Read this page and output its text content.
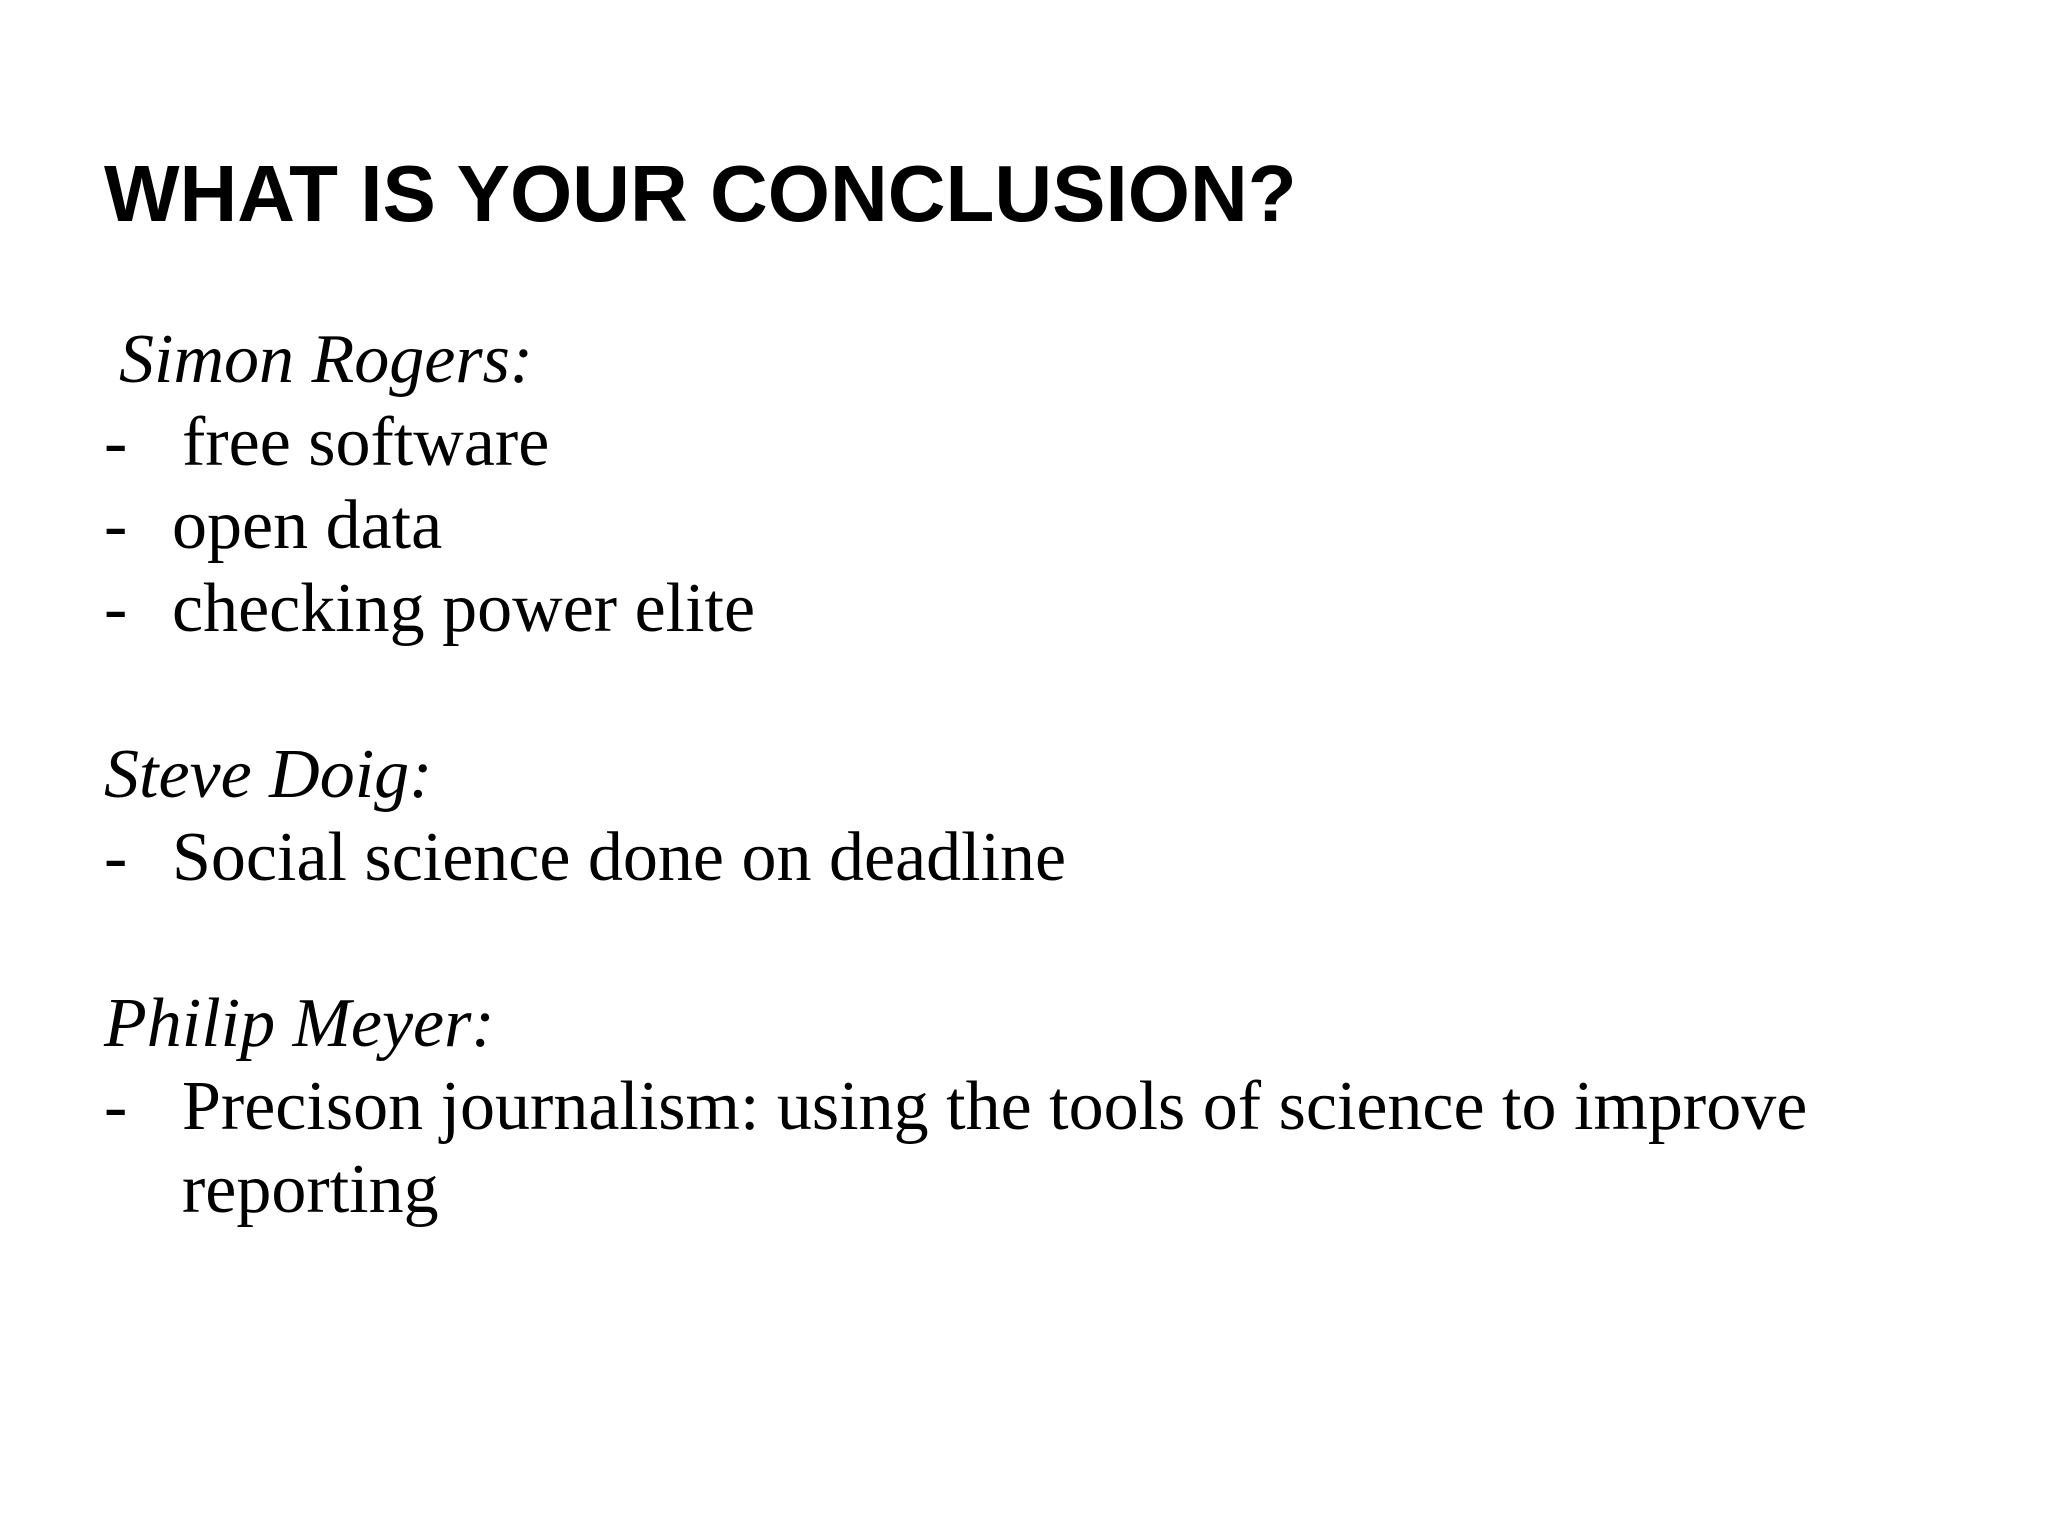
WHAT IS YOUR CONCLUSION?

Simon Rogers:

- free software
- open data
- checking power elite

Steve Doig:

- Social science done on deadline

Philip Meyer:

- Precison journalism: using the tools of science to improve reporting
